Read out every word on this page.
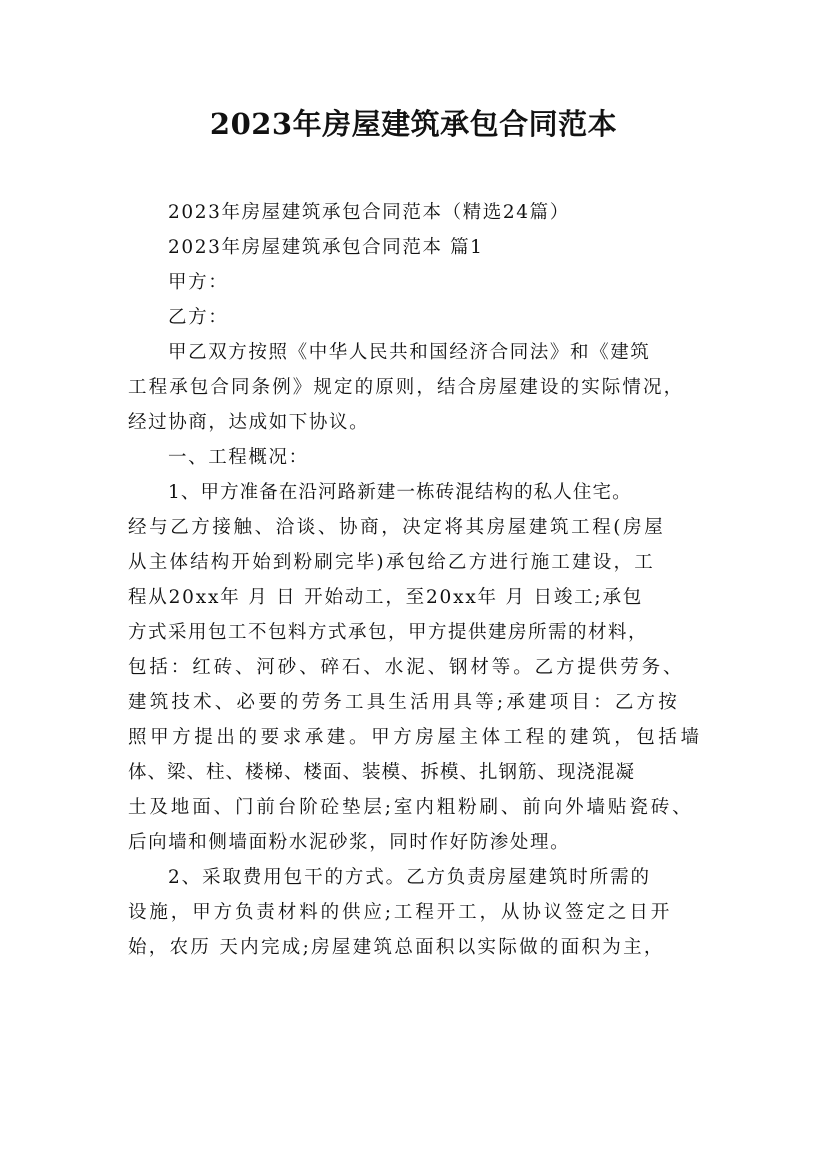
2023年房屋建筑承包合同范本

2023年房屋建筑承包合同范本（精选24篇）

2023年房屋建筑承包合同范本 篇1

甲方：

乙方：

甲乙双方按照《中华人民共和国经济合同法》和《建筑

工程承包合同条例》规定的原则，结合房屋建设的实际情况，

经过协商，达成如下协议。

一、工程概况：

1、甲方准备在沿河路新建一栋砖混结构的私人住宅。

经与乙方接触、洽谈、协商，决定将其房屋建筑工程(房屋

从主体结构开始到粉刷完毕)承包给乙方进行施工建设，工

程从20xx年 月 日 开始动工，至20xx年 月 日竣工;承包

方式采用包工不包料方式承包，甲方提供建房所需的材料，

包括：红砖、河砂、碎石、水泥、钢材等。乙方提供劳务、

建筑技术、必要的劳务工具生活用具等;承建项目：乙方按

照甲方提出的要求承建。甲方房屋主体工程的建筑，包括墙

体、梁、柱、楼梯、楼面、装模、拆模、扎钢筋、现浇混凝

土及地面、门前台阶砼垫层;室内粗粉刷、前向外墙贴瓷砖、

后向墙和侧墙面粉水泥砂浆，同时作好防渗处理。

2、采取费用包干的方式。乙方负责房屋建筑时所需的

设施，甲方负责材料的供应;工程开工，从协议签定之日开

始，农历 天内完成;房屋建筑总面积以实际做的面积为主，
